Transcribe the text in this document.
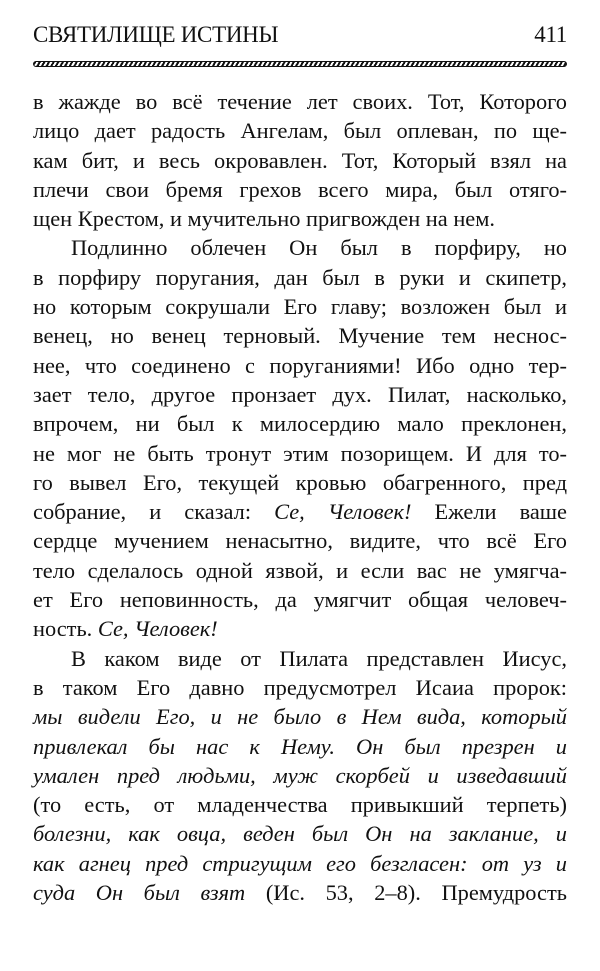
СВЯТИЛИЩЕ ИСТИНЫ	411
в жажде во всё течение лет своих. Тот, Которого
лицо дает радость Ангелам, был оплеван, по ще-
кам бит, и весь окровавлен. Тот, Который взял на
плечи свои бремя грехов всего мира, был отяго-
щен Крестом, и мучительно пригвожден на нем.
Подлинно облечен Он был в порфиру, но
в порфиру поругания, дан был в руки и скипетр,
но которым сокрушали Его главу; возложен был и
венец, но венец терновый. Мучение тем неснос-
нее, что соединено с поруганиями! Ибо одно тер-
зает тело, другое пронзает дух. Пилат, насколько,
впрочем, ни был к милосердию мало преклонен,
не мог не быть тронут этим позорищем. И для то-
го вывел Его, текущей кровью обагренного, пред
собрание, и сказал: Се, Человек! Ежели ваше
сердце мучением ненасытно, видите, что всё Его
тело сделалось одной язвой, и если вас не умягча-
ет Его неповинность, да умягчит общая человеч-
ность. Се, Человек!
В каком виде от Пилата представлен Иисус,
в таком Его давно предусмотрел Исаиа пророк:
мы видели Его, и не было в Нем вида, который
привлекал бы нас к Нему. Он был презрен и
умален пред людьми, муж скорбей и изведавший
(то есть, от младенчества привыкший терпеть)
болезни, как овца, веден был Он на заклание, и
как агнец пред стригущим его безгласен: от уз и
суда Он был взят (Ис. 53, 2–8). Премудрость
